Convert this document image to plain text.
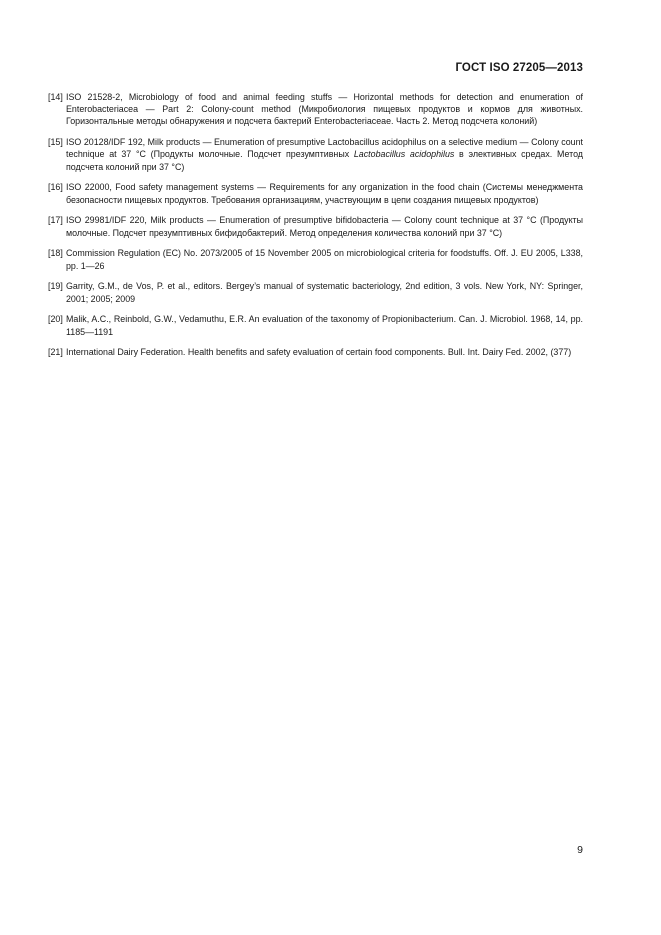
ГОСТ ISO 27205—2013
[14] ISO 21528-2, Microbiology of food and animal feeding stuffs — Horizontal methods for detection and enumeration of Enterobacteriacea — Part 2: Colony-count method (Микробиология пищевых продуктов и кормов для животных. Горизонтальные методы обнаружения и подсчета бактерий Enterobacteriaceae. Часть 2. Метод подсчета колоний)
[15] ISO 20128/IDF 192, Milk products — Enumeration of presumptive Lactobacillus acidophilus on a selective medium — Colony count technique at 37 °C (Продукты молочные. Подсчет презумптивных Lactobacillus acidophilus в элективных средах. Метод подсчета колоний при 37 °C)
[16] ISO 22000, Food safety management systems — Requirements for any organization in the food chain (Системы менеджмента безопасности пищевых продуктов. Требования организациям, участвующим в цепи создания пищевых продуктов)
[17] ISO 29981/IDF 220, Milk products — Enumeration of presumptive bifidobacteria — Colony count technique at 37 °C (Продукты молочные. Подсчет презумптивных бифидобактерий. Метод определения количества колоний при 37 °C)
[18] Commission Regulation (EC) No. 2073/2005 of 15 November 2005 on microbiological criteria for foodstuffs. Off. J. EU 2005, L338, pp. 1—26
[19] Garrity, G.M., de Vos, P. et al., editors. Bergey’s manual of systematic bacteriology, 2nd edition, 3 vols. New York, NY: Springer, 2001; 2005; 2009
[20] Malik, A.C., Reinbold, G.W., Vedamuthu, E.R. An evaluation of the taxonomy of Propionibacterium. Can. J. Microbiol. 1968, 14, pp. 1185—1191
[21] International Dairy Federation. Health benefits and safety evaluation of certain food components. Bull. Int. Dairy Fed. 2002, (377)
9
